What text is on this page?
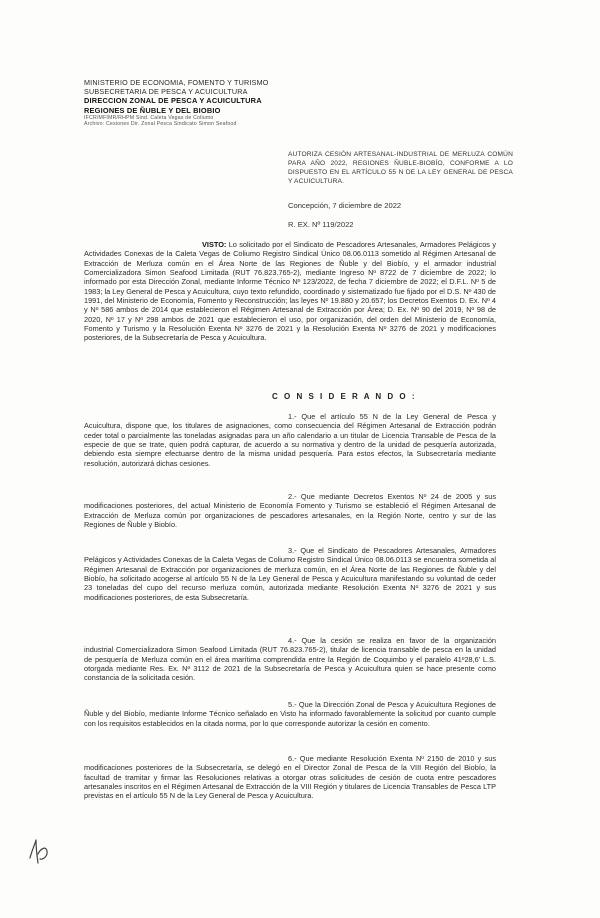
MINISTERIO DE ECONOMIA, FOMENTO Y TURISMO
SUBSECRETARIA DE PESCA Y ACUICULTURA
DIRECCION ZONAL DE PESCA Y ACUICULTURA
REGIONES DE ÑUBLE Y DEL BIOBIO
IFCR/MFIMR/RHPM Sind. Caleta Vegas de Coliumo
Archivo: Cesiones Dir. Zonal Pesca Sindicato Simon Seafood
AUTORIZA CESIÓN ARTESANAL-INDUSTRIAL DE MERLUZA COMÚN PARA AÑO 2022, REGIONES ÑUBLE-BIOBÍO, CONFORME A LO DISPUESTO EN EL ARTÍCULO 55 N DE LA LEY GENERAL DE PESCA Y ACUICULTURA.
Concepción, 7 diciembre de 2022
R. EX. Nº 119/2022
VISTO: Lo solicitado por el Sindicato de Pescadores Artesanales, Armadores Pelágicos y Actividades Conexas de la Caleta Vegas de Coliumo Registro Sindical Único 08.06.0113 sometido al Régimen Artesanal de Extracción de Merluza común en el Área Norte de las Regiones de Ñuble y del Biobío, y el armador industrial Comercializadora Simon Seafood Limitada (RUT 76.823.765-2), mediante Ingreso Nº 8722 de 7 diciembre de 2022; lo informado por esta Dirección Zonal, mediante Informe Técnico Nº 123/2022, de fecha 7 diciembre de 2022; el D.F.L. Nº 5 de 1983; la Ley General de Pesca y Acuicultura, cuyo texto refundido, coordinado y sistematizado fue fijado por el D.S. Nº 430 de 1991, del Ministerio de Economía, Fomento y Reconstrucción; las leyes Nº 19.880 y 20.657; los Decretos Exentos D. Ex. Nº 4 y Nº 586 ambos de 2014 que establecieron el Régimen Artesanal de Extracción por Área; D. Ex. Nº 90 del 2019, Nº 98 de 2020, Nº 17 y Nº 298 ambos de 2021 que establecieron el uso, por organización, del orden del Ministerio de Economía, Fomento y Turismo y la Resolución Exenta Nº 3276 de 2021 y la Resolución Exenta Nº 3276 de 2021 y modificaciones posteriores, de la Subsecretaría de Pesca y Acuicultura.
C O N S I D E R A N D O :
1.- Que el artículo 55 N de la Ley General de Pesca y Acuicultura, dispone que, los titulares de asignaciones, como consecuencia del Régimen Artesanal de Extracción podrán ceder total o parcialmente las toneladas asignadas para un año calendario a un titular de Licencia Transable de Pesca de la especie de que se trate, quien podrá capturar, de acuerdo a su normativa y dentro de la unidad de pesquería autorizada, debiendo esta siempre efectuarse dentro de la misma unidad pesquería. Para estos efectos, la Subsecretaría mediante resolución, autorizará dichas cesiones.
2.- Que mediante Decretos Exentos Nº 24 de 2005 y sus modificaciones posteriores, del actual Ministerio de Economía Fomento y Turismo se estableció el Régimen Artesanal de Extracción de Merluza común por organizaciones de pescadores artesanales, en la Región Norte, centro y sur de las Regiones de Ñuble y Biobío.
3.- Que el Sindicato de Pescadores Artesanales, Armadores Pelágicos y Actividades Conexas de la Caleta Vegas de Coliumo Registro Sindical Único 08.06.0113 se encuentra sometida al Régimen Artesanal de Extracción por organizaciones de merluza común, en el Área Norte de las Regiones de Ñuble y del Biobío, ha solicitado acogerse al artículo 55 N de la Ley General de Pesca y Acuicultura manifestando su voluntad de ceder 23 toneladas del cupo del recurso merluza común, autorizada mediante Resolución Exenta Nº 3276 de 2021 y sus modificaciones posteriores, de esta Subsecretaría.
4.- Que la cesión se realiza en favor de la organización industrial Comercializadora Simon Seafood Limitada (RUT 76.823.765-2), titular de licencia transable de pesca en la unidad de pesquería de Merluza común en el área marítima comprendida entre la Región de Coquimbo y el paralelo 41º28,6' L.S. otorgada mediante Res. Ex. Nº 3112 de 2021 de la Subsecretaría de Pesca y Acuicultura quien se hace presente como constancia de la solicitada cesión.
5.- Que la Dirección Zonal de Pesca y Acuicultura Regiones de Ñuble y del Biobío, mediante Informe Técnico señalado en Visto ha informado favorablemente la solicitud por cuanto cumple con los requisitos establecidos en la citada norma, por lo que corresponde autorizar la cesión en comento.
6.- Que mediante Resolución Exenta Nº 2150 de 2010 y sus modificaciones posteriores de la Subsecretaría, se delegó en el Director Zonal de Pesca de la VIII Región del Biobío, la facultad de tramitar y firmar las Resoluciones relativas a otorgar otras solicitudes de cesión de cuota entre pescadores artesanales inscritos en el Régimen Artesanal de Extracción de la VIII Región y titulares de Licencia Transables de Pesca LTP previstas en el artículo 55 N de la Ley General de Pesca y Acuicultura.
